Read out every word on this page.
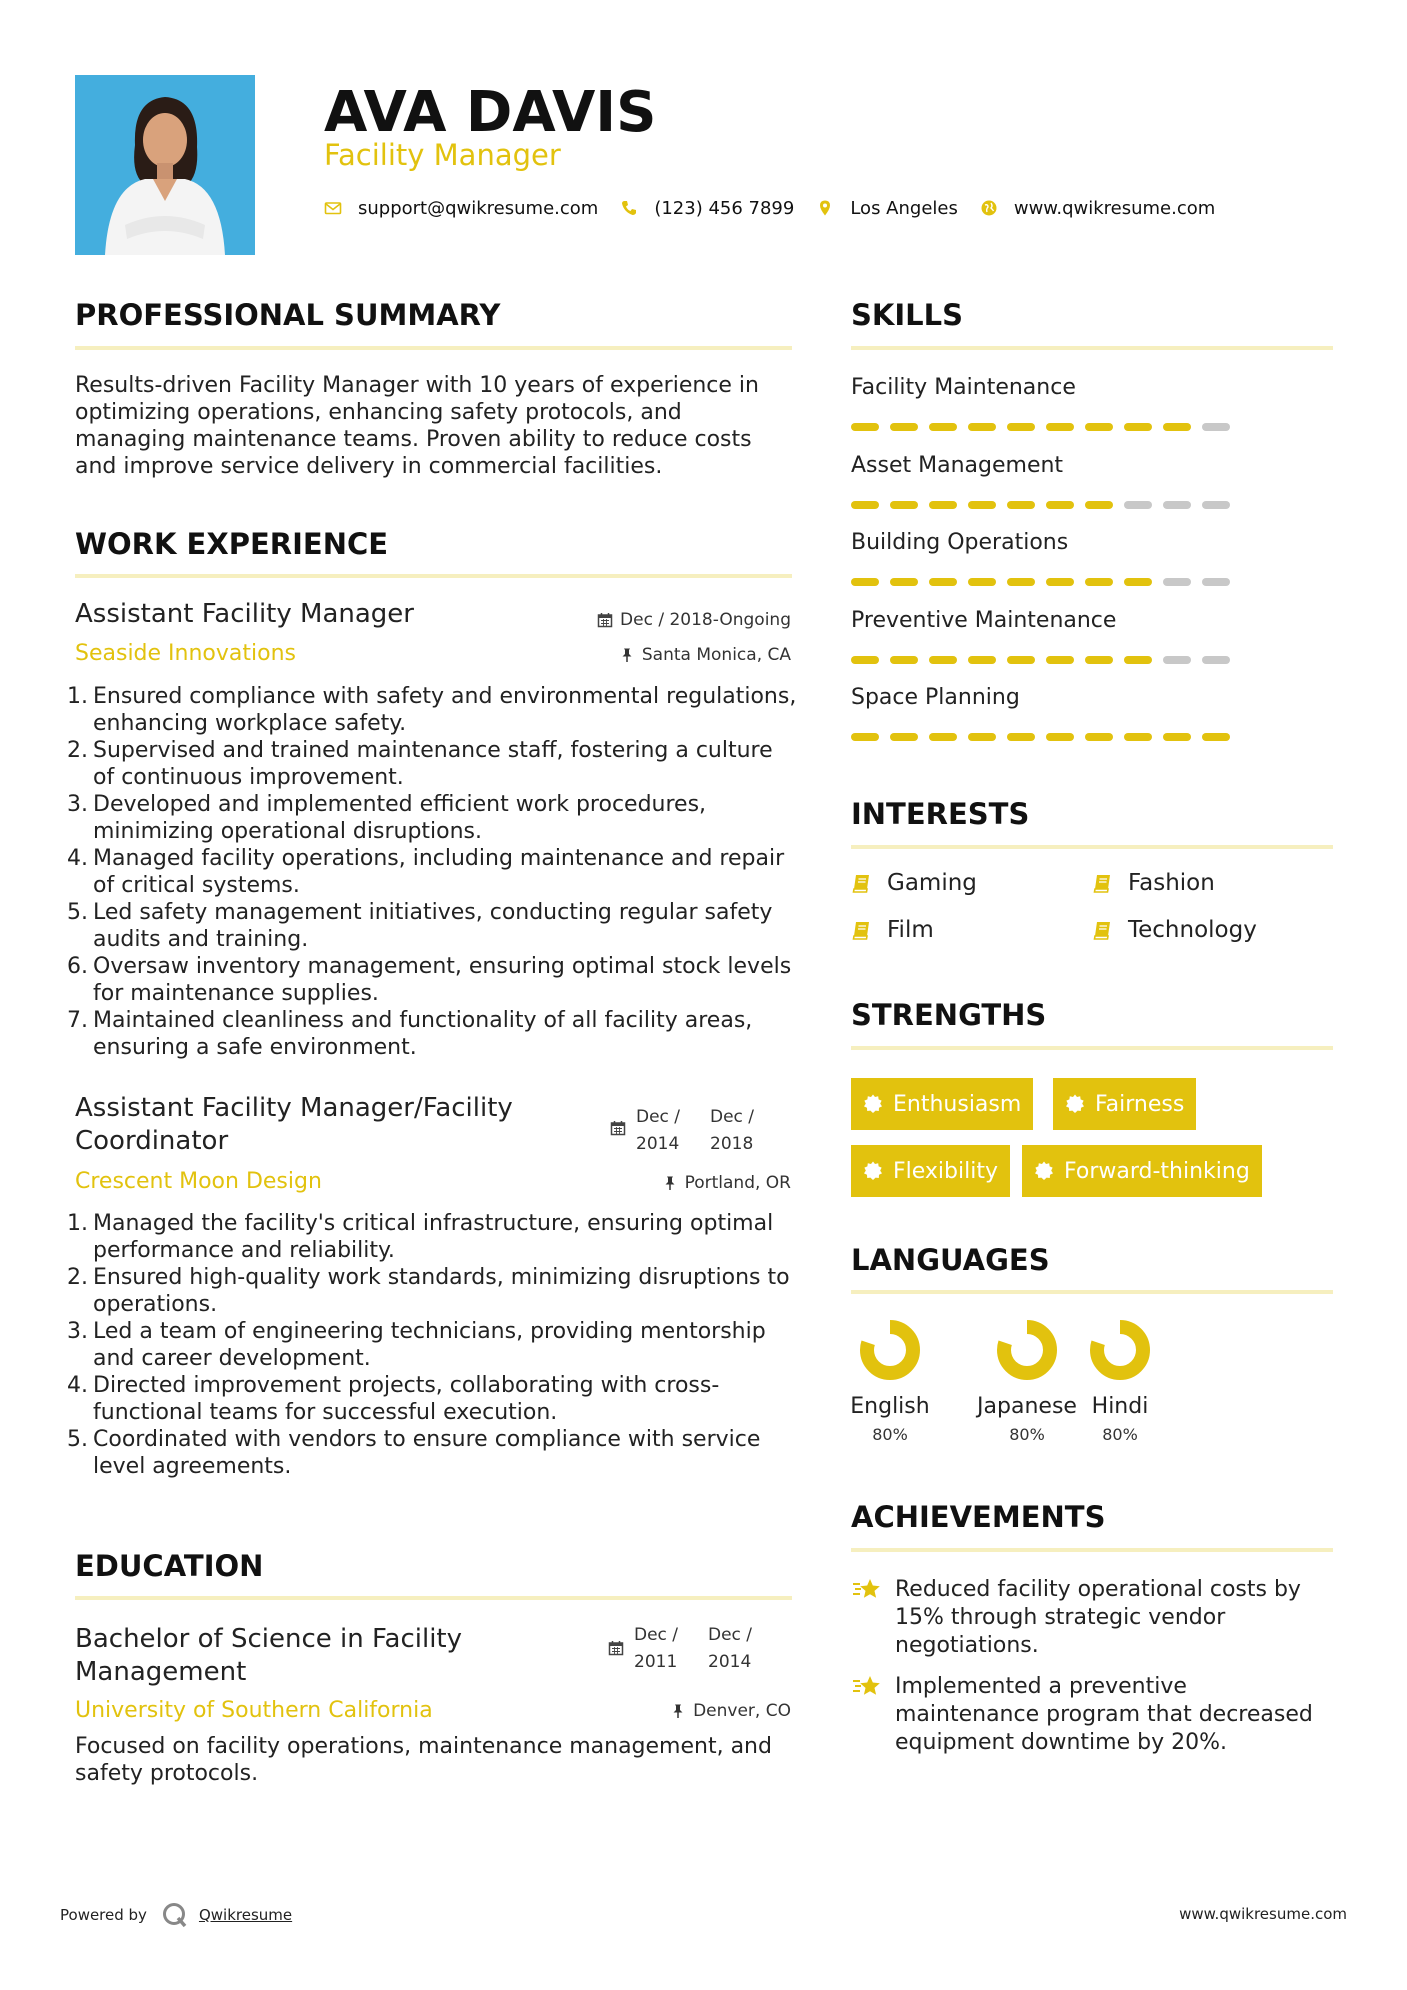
AVA DAVIS
Facility Manager
support@qwikresume.com	(123) 456 7899	Los Angeles	www.qwikresume.com
PROFESSIONAL SUMMARY
Results-driven Facility Manager with 10 years of experience in optimizing operations, enhancing safety protocols, and managing maintenance teams. Proven ability to reduce costs and improve service delivery in commercial facilities.
WORK EXPERIENCE
Assistant Facility Manager	Dec / 2018-Ongoing
Seaside Innovations	Santa Monica, CA
1. Ensured compliance with safety and environmental regulations, enhancing workplace safety.
2. Supervised and trained maintenance staff, fostering a culture of continuous improvement.
3. Developed and implemented efficient work procedures, minimizing operational disruptions.
4. Managed facility operations, including maintenance and repair of critical systems.
5. Led safety management initiatives, conducting regular safety audits and training.
6. Oversaw inventory management, ensuring optimal stock levels for maintenance supplies.
7. Maintained cleanliness and functionality of all facility areas, ensuring a safe environment.
Assistant Facility Manager/Facility Coordinator
Dec /
2014
Dec /
2018
Crescent Moon Design	Portland, OR
1. Managed the facility's critical infrastructure, ensuring optimal performance and reliability.
2. Ensured high-quality work standards, minimizing disruptions to operations.
3. Led a team of engineering technicians, providing mentorship and career development.
4. Directed improvement projects, collaborating with cross-functional teams for successful execution.
5. Coordinated with vendors to ensure compliance with service level agreements.
EDUCATION
Bachelor of Science in Facility Management
Dec /
2011
Dec /
2014
University of Southern California	Denver, CO
Focused on facility operations, maintenance management, and safety protocols.
SKILLS
Facility Maintenance
Asset Management
Building Operations
Preventive Maintenance
Space Planning
INTERESTS
Gaming	Fashion
Film	Technology
STRENGTHS
Enthusiasm	Fairness
Flexibility	Forward-thinking
LANGUAGES
English
80%
Japanese
80%
Hindi
80%
ACHIEVEMENTS
Reduced facility operational costs by 15% through strategic vendor negotiations.
Implemented a preventive maintenance program that decreased equipment downtime by 20%.
Powered by	Qwikresume	www.qwikresume.com
